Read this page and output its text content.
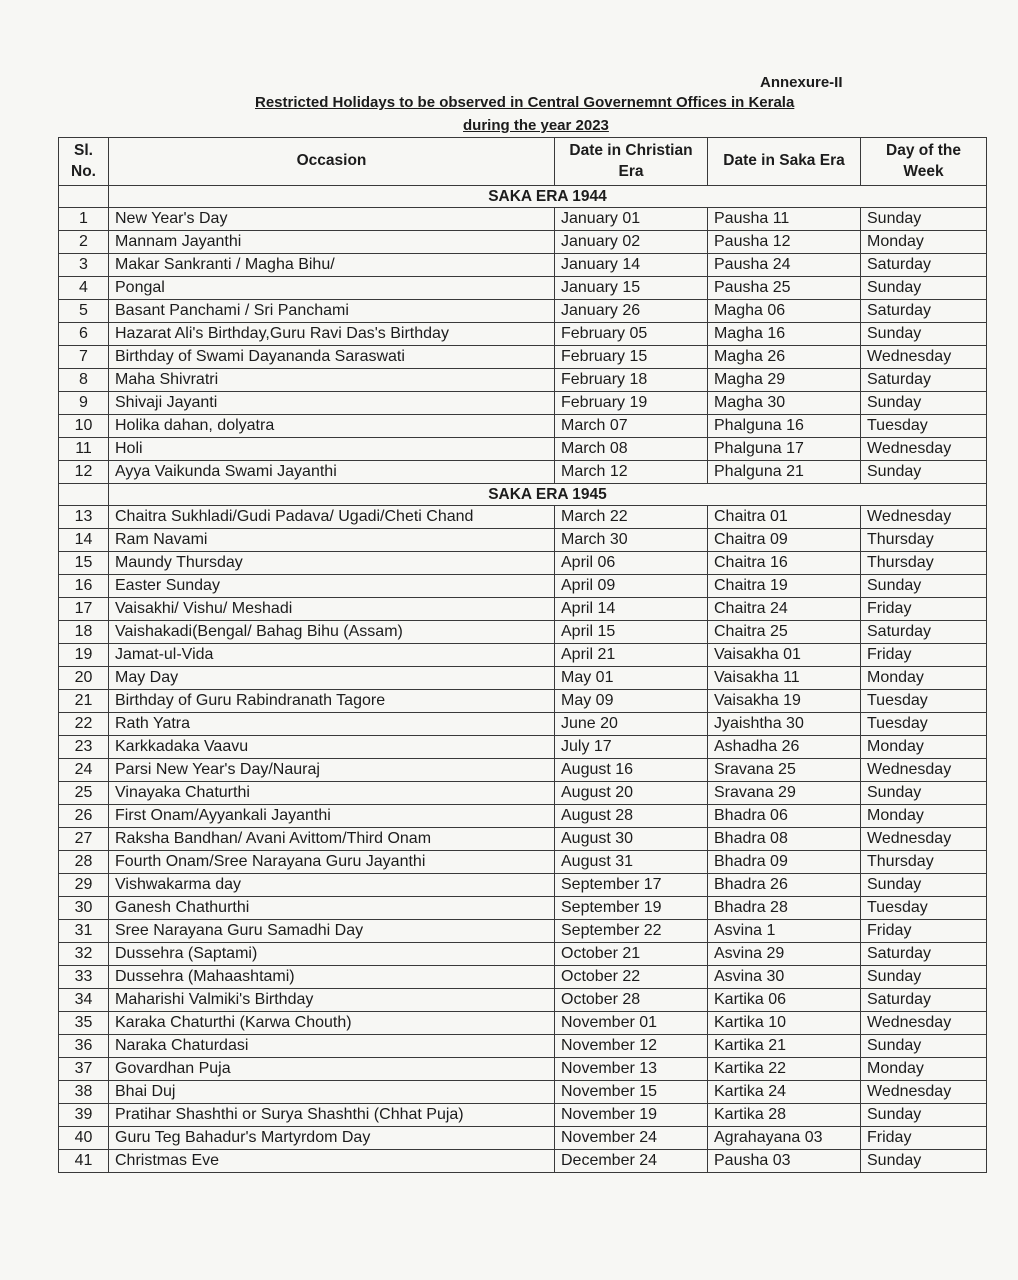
Annexure-II
Restricted Holidays to be observed in Central Governemnt Offices in Kerala
during the year 2023
Sl. No.	Occasion	Date in Christian Era	Date in Saka Era	Day of the Week
	SAKA ERA 1944			
1	New Year's Day	January 01	Pausha 11	Sunday
2	Mannam Jayanthi	January 02	Pausha 12	Monday
3	Makar Sankranti / Magha Bihu/	January 14	Pausha 24	Saturday
4	Pongal	January 15	Pausha 25	Sunday
5	Basant Panchami / Sri Panchami	January 26	Magha 06	Saturday
6	Hazarat Ali's Birthday,Guru Ravi Das's Birthday	February 05	Magha 16	Sunday
7	Birthday of Swami Dayananda Saraswati	February 15	Magha 26	Wednesday
8	Maha Shivratri	February 18	Magha 29	Saturday
9	Shivaji Jayanti	February 19	Magha 30	Sunday
10	Holika dahan, dolyatra	March 07	Phalguna 16	Tuesday
11	Holi	March 08	Phalguna 17	Wednesday
12	Ayya Vaikunda Swami Jayanthi	March 12	Phalguna 21	Sunday
	SAKA ERA 1945			
13	Chaitra Sukhladi/Gudi Padava/ Ugadi/Cheti Chand	March 22	Chaitra 01	Wednesday
14	Ram Navami	March 30	Chaitra 09	Thursday
15	Maundy Thursday	April 06	Chaitra 16	Thursday
16	Easter Sunday	April 09	Chaitra 19	Sunday
17	Vaisakhi/ Vishu/ Meshadi	April 14	Chaitra 24	Friday
18	Vaishakadi(Bengal/ Bahag Bihu (Assam)	April 15	Chaitra 25	Saturday
19	Jamat-ul-Vida	April 21	Vaisakha 01	Friday
20	May Day	May 01	Vaisakha 11	Monday
21	Birthday of Guru Rabindranath Tagore	May 09	Vaisakha 19	Tuesday
22	Rath Yatra	June 20	Jyaishtha 30	Tuesday
23	Karkkadaka Vaavu	July 17	Ashadha 26	Monday
24	Parsi New Year's Day/Nauraj	August 16	Sravana 25	Wednesday
25	Vinayaka Chaturthi	August 20	Sravana 29	Sunday
26	First Onam/Ayyankali Jayanthi	August 28	Bhadra 06	Monday
27	Raksha Bandhan/ Avani Avittom/Third Onam	August 30	Bhadra 08	Wednesday
28	Fourth Onam/Sree Narayana Guru Jayanthi	August 31	Bhadra 09	Thursday
29	Vishwakarma day	September 17	Bhadra 26	Sunday
30	Ganesh Chathurthi	September 19	Bhadra 28	Tuesday
31	Sree Narayana Guru Samadhi Day	September 22	Asvina 1	Friday
32	Dussehra (Saptami)	October 21	Asvina 29	Saturday
33	Dussehra (Mahaashtami)	October 22	Asvina 30	Sunday
34	Maharishi Valmiki's Birthday	October 28	Kartika 06	Saturday
35	Karaka Chaturthi (Karwa Chouth)	November 01	Kartika 10	Wednesday
36	Naraka Chaturdasi	November 12	Kartika 21	Sunday
37	Govardhan Puja	November 13	Kartika 22	Monday
38	Bhai Duj	November 15	Kartika 24	Wednesday
39	Pratihar Shashthi or Surya Shashthi (Chhat Puja)	November 19	Kartika 28	Sunday
40	Guru Teg Bahadur's Martyrdom Day	November 24	Agrahayana 03	Friday
41	Christmas Eve	December 24	Pausha 03	Sunday
